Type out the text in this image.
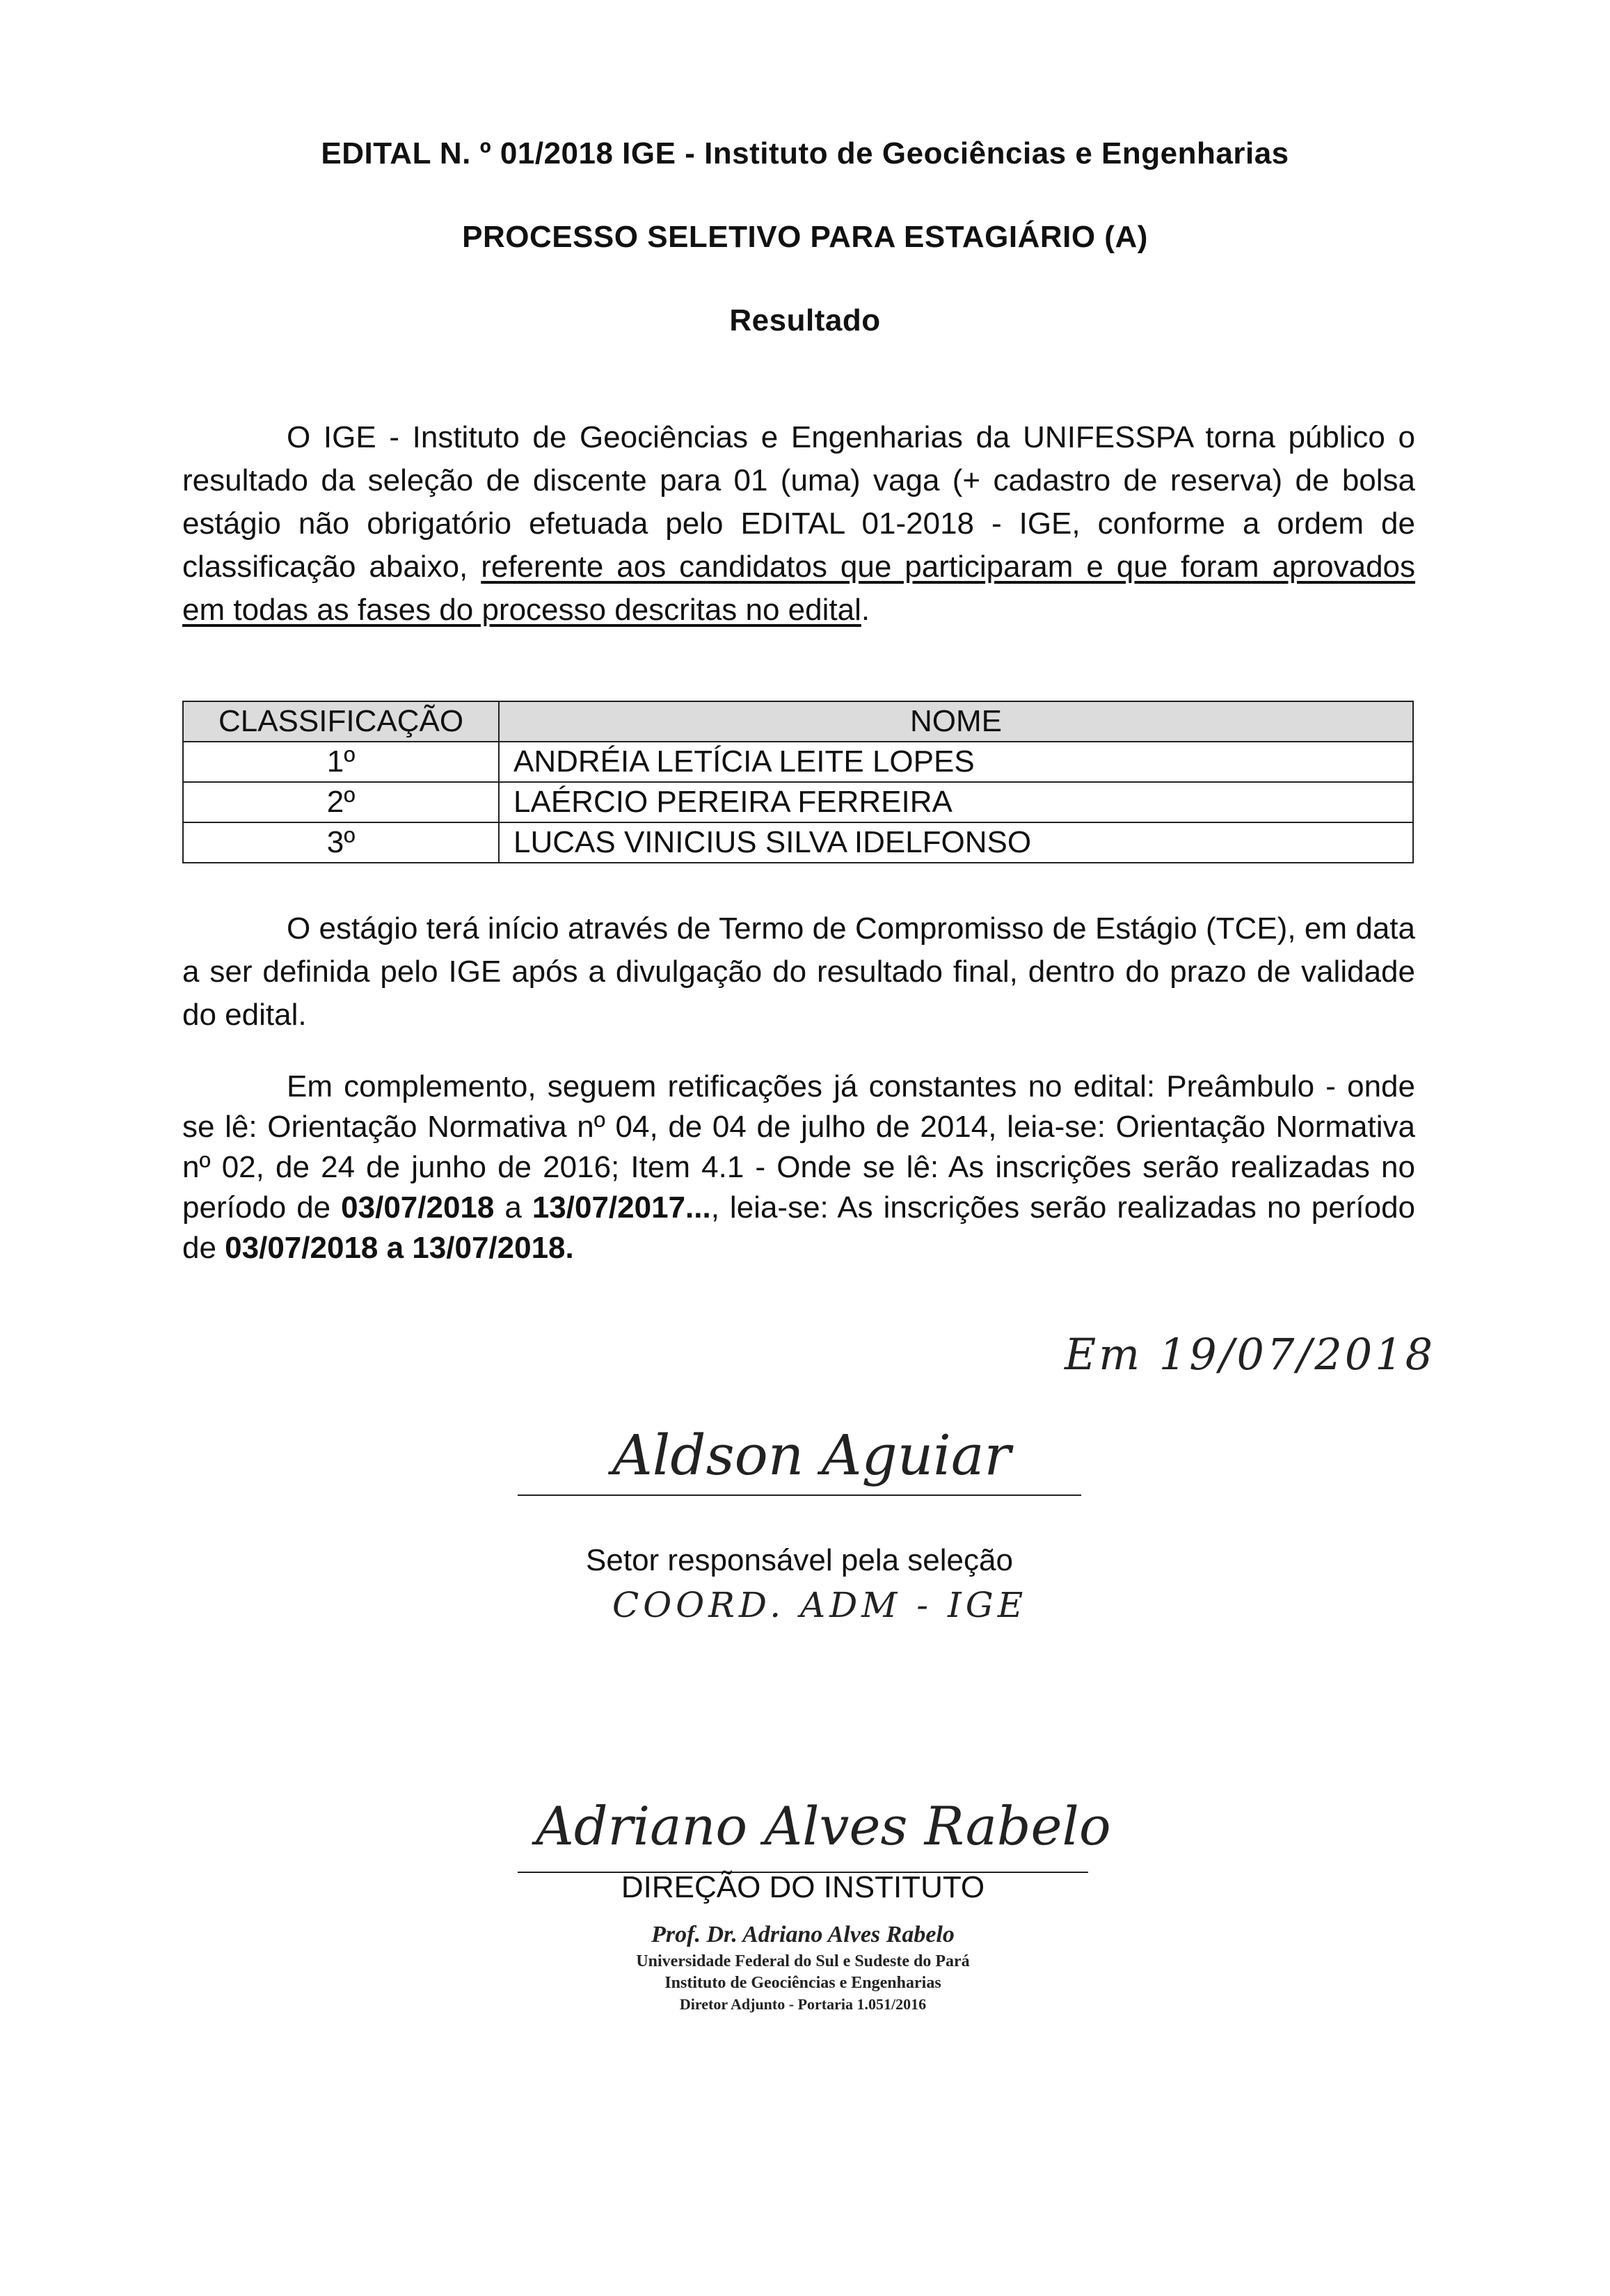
EDITAL N. º 01/2018 IGE - Instituto de Geociências e Engenharias
PROCESSO SELETIVO PARA ESTAGIÁRIO (A)
Resultado
O IGE - Instituto de Geociências e Engenharias da UNIFESSPA torna público o resultado da seleção de discente para 01 (uma) vaga (+ cadastro de reserva) de bolsa estágio não obrigatório efetuada pelo EDITAL 01-2018 - IGE, conforme a ordem de classificação abaixo, referente aos candidatos que participaram e que foram aprovados em todas as fases do processo descritas no edital.
CLASSIFICAÇÃO	NOME
1º	ANDRÉIA LETÍCIA LEITE LOPES
2º	LAÉRCIO PEREIRA FERREIRA
3º	LUCAS VINICIUS SILVA IDELFONSO
O estágio terá início através de Termo de Compromisso de Estágio (TCE), em data a ser definida pelo IGE após a divulgação do resultado final, dentro do prazo de validade do edital.
Em complemento, seguem retificações já constantes no edital: Preâmbulo - onde se lê: Orientação Normativa nº 04, de 04 de julho de 2014, leia-se: Orientação Normativa nº 02, de 24 de junho de 2016; Item 4.1 - Onde se lê: As inscrições serão realizadas no período de 03/07/2018 a 13/07/2017..., leia-se: As inscrições serão realizadas no período de 03/07/2018 a 13/07/2018.
Em 19/07/2018
Aldson Aguiar
Setor responsável pela seleção
COORD. ADM - IGE
Adriano Alves Rabelo
DIREÇÃO DO INSTITUTO
Prof. Dr. Adriano Alves Rabelo
Universidade Federal do Sul e Sudeste do Pará
Instituto de Geociências e Engenharias
Diretor Adjunto - Portaria 1.051/2016
